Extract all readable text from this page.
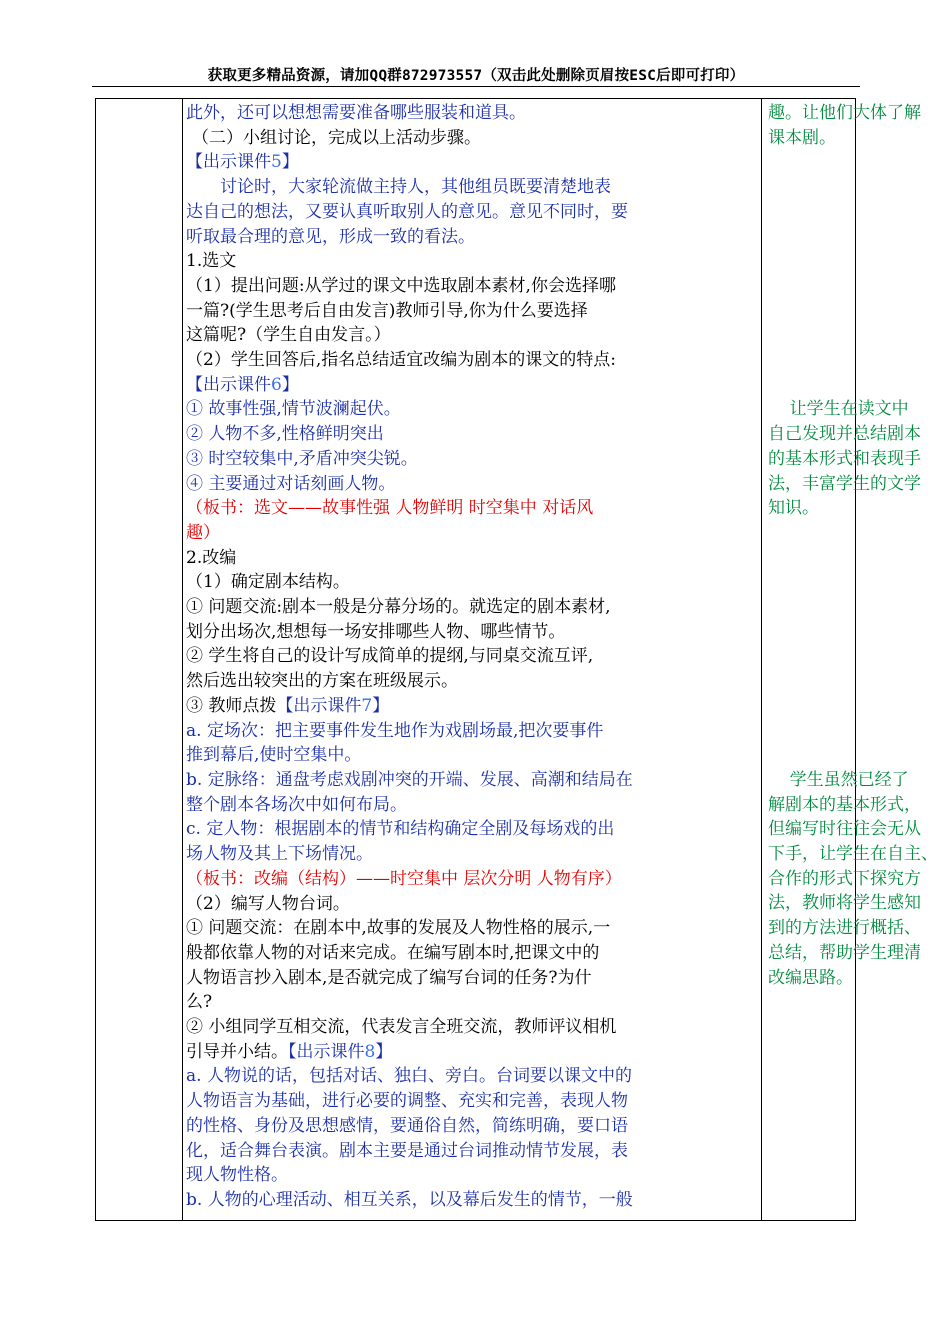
获取更多精品资源，请加QQ群872973557（双击此处删除页眉按ESC后即可打印）

此外，还可以想想需要准备哪些服装和道具。

（二）小组讨论，完成以上活动步骤。

【出示课件5】

讨论时，大家轮流做主持人，其他组员既要清楚地表

达自己的想法，又要认真听取别人的意见。意见不同时，要

听取最合理的意见，形成一致的看法。

1.选文

（1）提出问题:从学过的课文中选取剧本素材,你会选择哪

一篇?(学生思考后自由发言)教师引导,你为什么要选择

这篇呢?（学生自由发言。）

（2）学生回答后,指名总结适宜改编为剧本的课文的特点:

【出示课件6】

① 故事性强,情节波澜起伏。

② 人物不多,性格鲜明突出

③ 时空较集中,矛盾冲突尖锐。

④ 主要通过对话刻画人物。

（板书：选文——故事性强 人物鲜明 时空集中 对话风

趣）

2.改编

（1）确定剧本结构。

① 问题交流:剧本一般是分幕分场的。就选定的剧本素材,

划分出场次,想想每一场安排哪些人物、哪些情节。

② 学生将自己的设计写成简单的提纲,与同桌交流互评,

然后选出较突出的方案在班级展示。

③ 教师点拨【出示课件7】

a. 定场次：把主要事件发生地作为戏剧场最,把次要事件

推到幕后,使时空集中。

b. 定脉络：通盘考虑戏剧冲突的开端、发展、高潮和结局在

整个剧本各场次中如何布局。

c. 定人物：根据剧本的情节和结构确定全剧及每场戏的出

场人物及其上下场情况。

（板书：改编（结构）——时空集中 层次分明 人物有序）

（2）编写人物台词。

① 问题交流：在剧本中,故事的发展及人物性格的展示,一

般都依靠人物的对话来完成。在编写剧本时,把课文中的

人物语言抄入剧本,是否就完成了编写台词的任务?为什

么?

② 小组同学互相交流，代表发言全班交流，教师评议相机

引导并小结。【出示课件8】

a. 人物说的话，包括对话、独白、旁白。台词要以课文中的

人物语言为基础，进行必要的调整、充实和完善，表现人物

的性格、身份及思想感情，要通俗自然，简练明确，要口语

化，适合舞台表演。剧本主要是通过台词推动情节发展，表

现人物性格。

b. 人物的心理活动、相互关系，以及幕后发生的情节，一般

趣。让他们大体了解

课本剧。

让学生在读文中

自己发现并总结剧本

的基本形式和表现手

法，丰富学生的文学

知识。

学生虽然已经了

解剧本的基本形式，

但编写时往往会无从

下手，让学生在自主、

合作的形式下探究方

法，教师将学生感知

到的方法进行概括、

总结，帮助学生理清

改编思路。
